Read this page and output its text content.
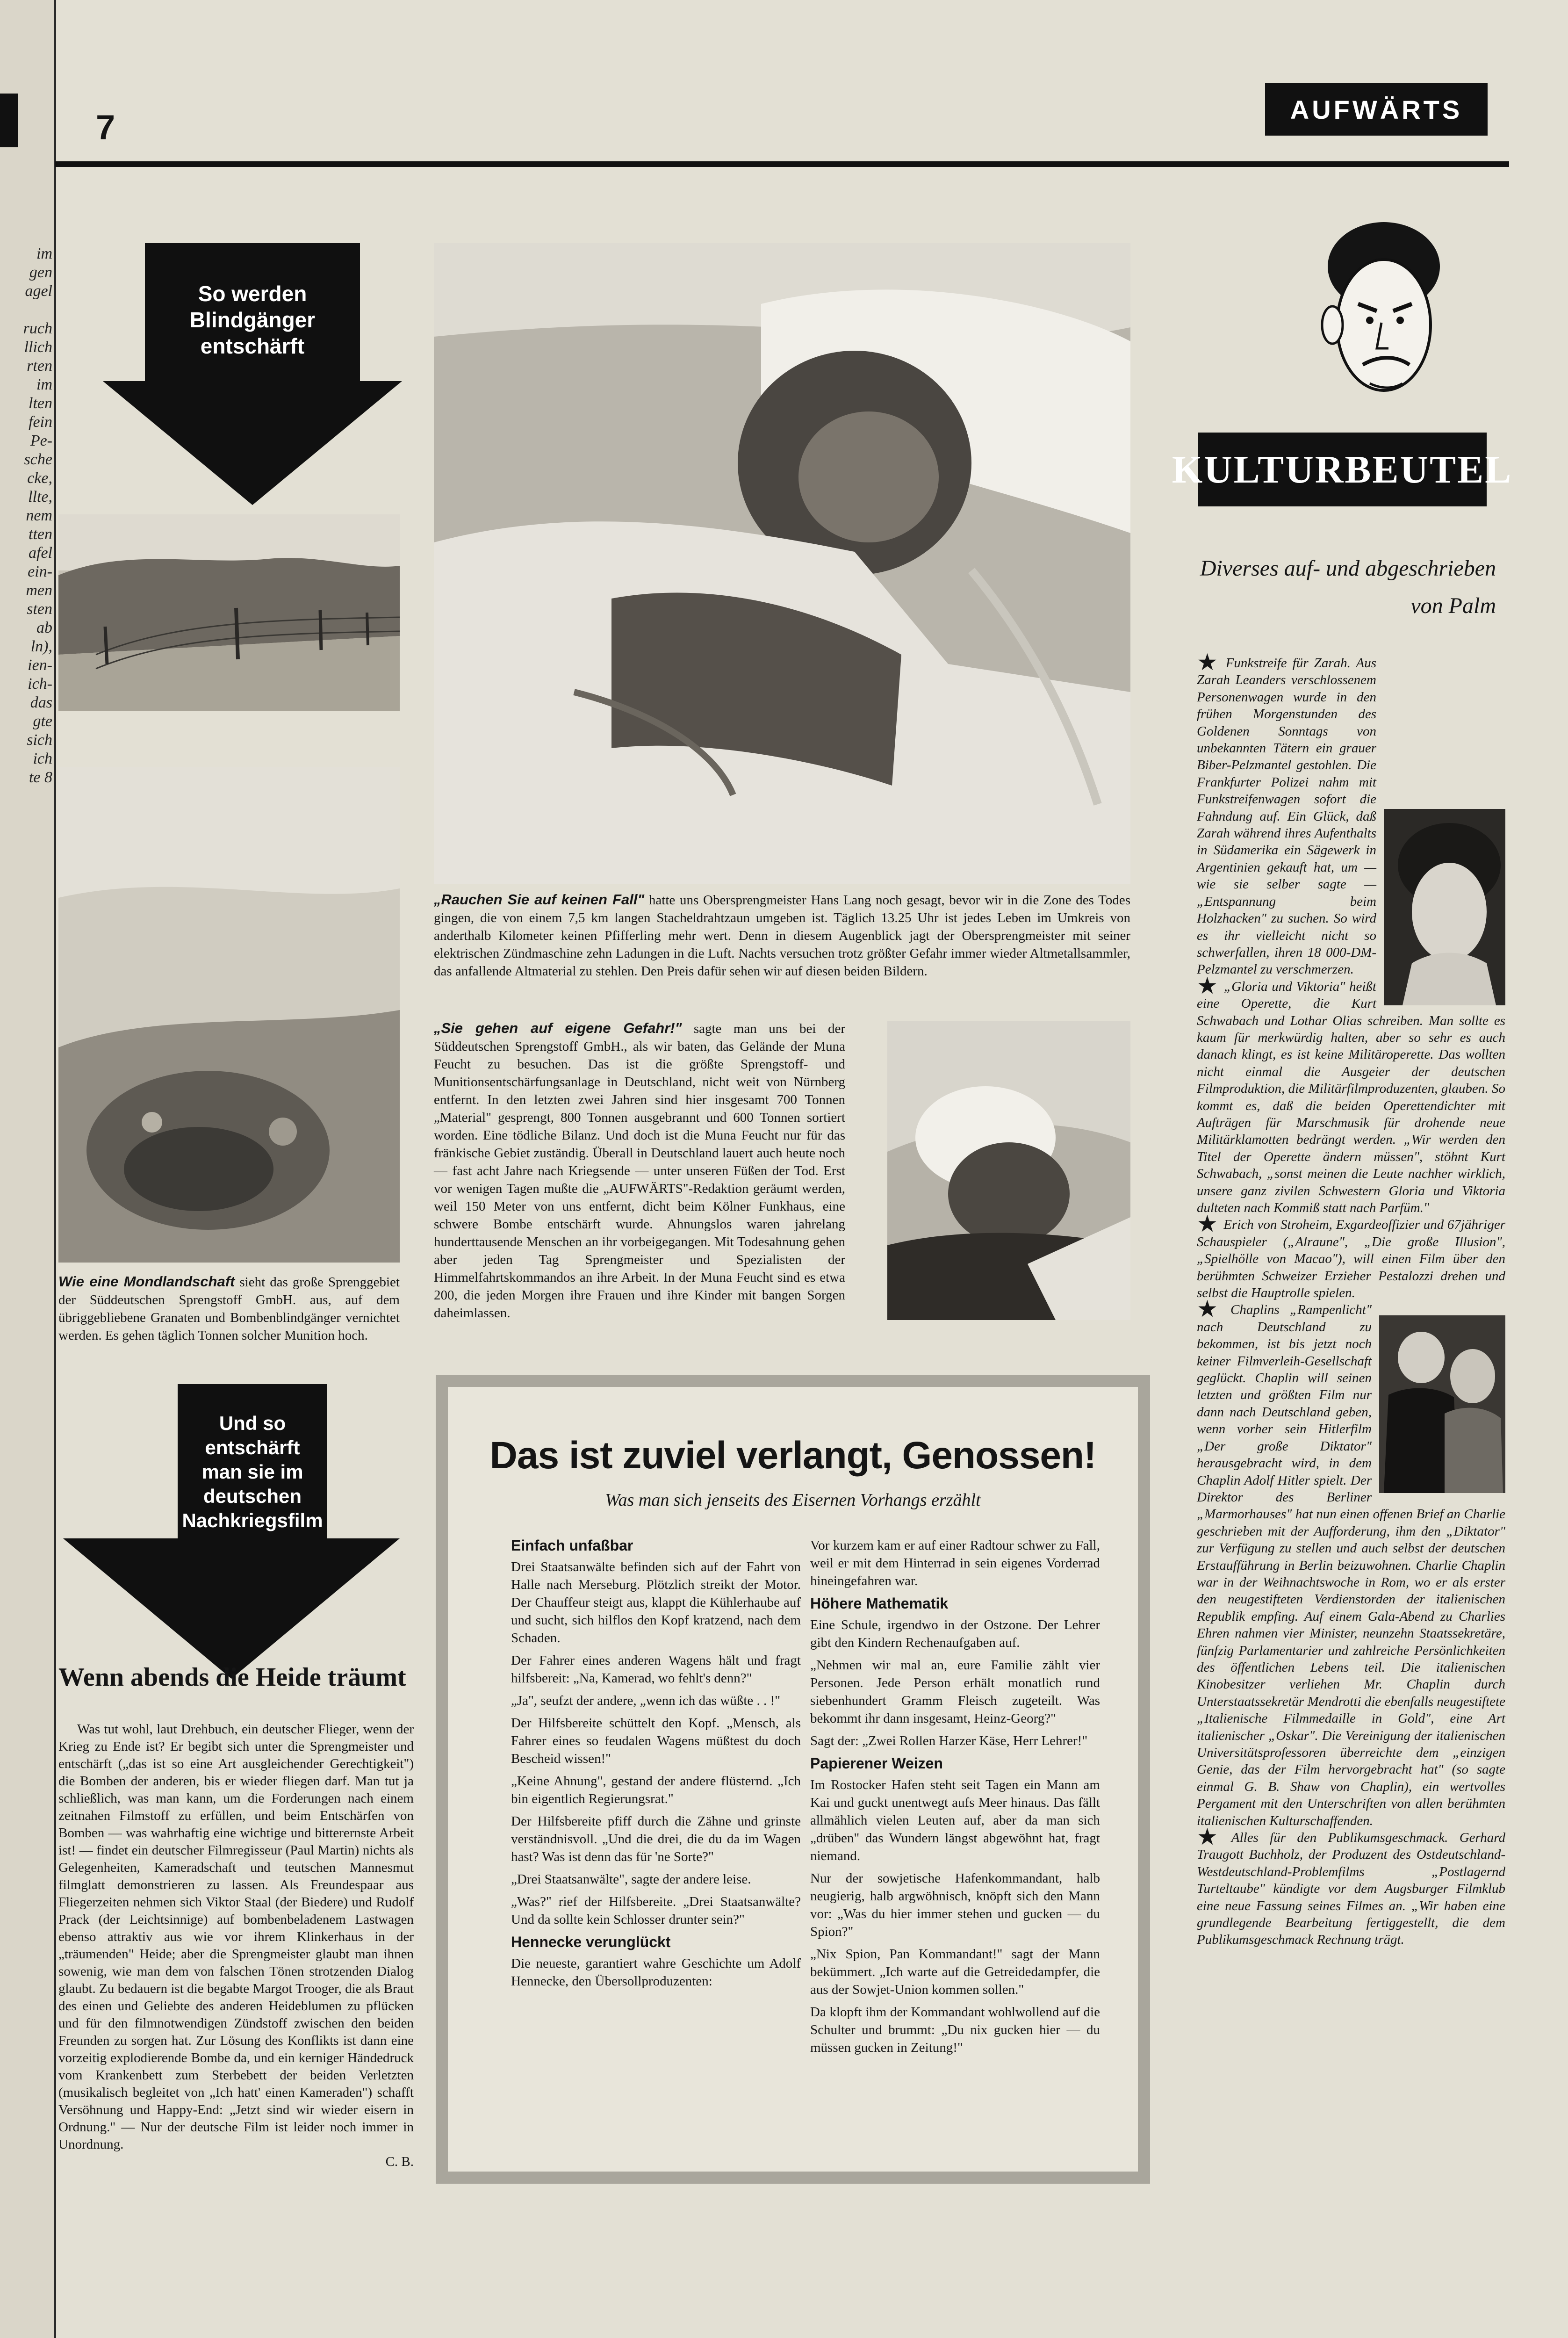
im
gen
agel
ruch
llich
rten
im
lten
fein
Pe-
sche
cke,
llte,
nem
tten
afel
ein-
men
sten
ab
ln),
ien-
ich-
das
gte
sich
ich
te 8
7	AUFWÄRTS
So werden
Blindgänger
entschärft
Wie eine Mondlandschaft sieht das große Sprenggebiet der Süddeutschen Sprengstoff GmbH. aus, auf dem übriggebliebene Granaten und Bombenblindgänger vernichtet werden. Es gehen täglich Tonnen solcher Munition hoch.
Und so
entschärft
man sie im
deutschen
Nachkriegsfilm
Wenn abends die Heide träumt

Was tut wohl, laut Drehbuch, ein deutscher Flieger, wenn der Krieg zu Ende ist? Er begibt sich unter die Sprengmeister und entschärft („das ist so eine Art ausgleichender Gerechtigkeit") die Bomben der anderen, bis er wieder fliegen darf. Man tut ja schließlich, was man kann, um die Forderungen nach einem zeitnahen Filmstoff zu erfüllen, und beim Entschärfen von Bomben — was wahrhaftig eine wichtige und bitterernste Arbeit ist! — findet ein deutscher Filmregisseur (Paul Martin) nichts als Gelegenheiten, Kameradschaft und teutschen Mannesmut filmglatt demonstrieren zu lassen. Als Freundespaar aus Fliegerzeiten nehmen sich Viktor Staal (der Biedere) und Rudolf Prack (der Leichtsinnige) auf bombenbeladenem Lastwagen ebenso attraktiv aus wie vor ihrem Klinkerhaus in der „träumenden" Heide; aber die Sprengmeister glaubt man ihnen sowenig, wie man dem von falschen Tönen strotzenden Dialog glaubt. Zu bedauern ist die begabte Margot Trooger, die als Braut des einen und Geliebte des anderen Heideblumen zu pflücken und für den filmnotwendigen Zündstoff zwischen den beiden Freunden zu sorgen hat. Zur Lösung des Konflikts ist dann eine vorzeitig explodierende Bombe da, und ein kerniger Händedruck vom Krankenbett zum Sterbebett der beiden Verletzten (musikalisch begleitet von „Ich hatt' einen Kameraden") schafft Versöhnung und Happy-End: „Jetzt sind wir wieder eisern in Ordnung." — Nur der deutsche Film ist leider noch immer in Unordnung.

C. B.
„Rauchen Sie auf keinen Fall" hatte uns Obersprengmeister Hans Lang noch gesagt, bevor wir in die Zone des Todes gingen, die von einem 7,5 km langen Stacheldrahtzaun umgeben ist. Täglich 13.25 Uhr ist jedes Leben im Umkreis von anderthalb Kilometer keinen Pfifferling mehr wert. Denn in diesem Augenblick jagt der Obersprengmeister mit seiner elektrischen Zündmaschine zehn Ladungen in die Luft. Nachts versuchen trotz größter Gefahr immer wieder Altmetallsammler, das anfallende Altmaterial zu stehlen. Den Preis dafür sehen wir auf diesen beiden Bildern.
„Sie gehen auf eigene Gefahr!" sagte man uns bei der Süddeutschen Sprengstoff GmbH., als wir baten, das Gelände der Muna Feucht zu besuchen. Das ist die größte Sprengstoff- und Munitionsentschärfungsanlage in Deutschland, nicht weit von Nürnberg entfernt. In den letzten zwei Jahren sind hier insgesamt 700 Tonnen „Material" gesprengt, 800 Tonnen ausgebrannt und 600 Tonnen sortiert worden. Eine tödliche Bilanz. Und doch ist die Muna Feucht nur für das fränkische Gebiet zuständig. Überall in Deutschland lauert auch heute noch — fast acht Jahre nach Kriegsende — unter unseren Füßen der Tod. Erst vor wenigen Tagen mußte die „AUFWÄRTS"-Redaktion geräumt werden, weil 150 Meter von uns entfernt, dicht beim Kölner Funkhaus, eine schwere Bombe entschärft wurde. Ahnungslos waren jahrelang hunderttausende Menschen an ihr vorbeigegangen. Mit Todesahnung gehen aber jeden Tag Sprengmeister und Spezialisten der Himmelfahrtskommandos an ihre Arbeit. In der Muna Feucht sind es etwa 200, die jeden Morgen ihre Frauen und ihre Kinder mit bangen Sorgen daheimlassen.
Das ist zuviel verlangt, Genossen!
Was man sich jenseits des Eisernen Vorhangs erzählt
Einfach unfaßbar

Drei Staatsanwälte befinden sich auf der Fahrt von Halle nach Merseburg. Plötzlich streikt der Motor. Der Chauffeur steigt aus, klappt die Kühlerhaube auf und sucht, sich hilflos den Kopf kratzend, nach dem Schaden.

Der Fahrer eines anderen Wagens hält und fragt hilfsbereit: „Na, Kamerad, wo fehlt's denn?"

„Ja", seufzt der andere, „wenn ich das wüßte . . !"

Der Hilfsbereite schüttelt den Kopf. „Mensch, als Fahrer eines so feudalen Wagens müßtest du doch Bescheid wissen!"

„Keine Ahnung", gestand der andere flüsternd. „Ich bin eigentlich Regierungsrat."

Der Hilfsbereite pfiff durch die Zähne und grinste verständnisvoll. „Und die drei, die du da im Wagen hast? Was ist denn das für 'ne Sorte?"

„Drei Staatsanwälte", sagte der andere leise.

„Was?" rief der Hilfsbereite. „Drei Staatsanwälte? Und da sollte kein Schlosser drunter sein?"

Hennecke verunglückt

Die neueste, garantiert wahre Geschichte um Adolf Hennecke, den Übersollproduzenten:

Vor kurzem kam er auf einer Radtour schwer zu Fall, weil er mit dem Hinterrad in sein eigenes Vorderrad hineingefahren war.

Höhere Mathematik

Eine Schule, irgendwo in der Ostzone. Der Lehrer gibt den Kindern Rechenaufgaben auf.

„Nehmen wir mal an, eure Familie zählt vier Personen. Jede Person erhält monatlich rund siebenhundert Gramm Fleisch zugeteilt. Was bekommt ihr dann insgesamt, Heinz-Georg?"

Sagt der: „Zwei Rollen Harzer Käse, Herr Lehrer!"

Papierener Weizen

Im Rostocker Hafen steht seit Tagen ein Mann am Kai und guckt unentwegt aufs Meer hinaus. Das fällt allmählich vielen Leuten auf, aber da man sich „drüben" das Wundern längst abgewöhnt hat, fragt niemand.

Nur der sowjetische Hafenkommandant, halb neugierig, halb argwöhnisch, knöpft sich den Mann vor: „Was du hier immer stehen und gucken — du Spion?"

„Nix Spion, Pan Kommandant!" sagt der Mann bekümmert. „Ich warte auf die Getreidedampfer, die aus der Sowjet-Union kommen sollen."

Da klopft ihm der Kommandant wohlwollend auf die Schulter und brummt: „Du nix gucken hier — du müssen gucken in Zeitung!"

KULTURBEUTEL
Diverses auf- und abgeschrieben
von Palm

★ Funkstreife für Zarah. Aus Zarah Leanders verschlossenem Personenwagen wurde in den frühen Morgenstunden des Goldenen Sonntags von unbekannten Tätern ein grauer Biber-Pelzmantel gestohlen. Die Frankfurter Polizei nahm mit Funkstreifenwagen sofort die Fahndung auf. Ein Glück, daß Zarah während ihres Aufenthalts in Südamerika ein Sägewerk in Argentinien gekauft hat, um — wie sie selber sagte — „Entspannung beim Holzhacken" zu suchen. So wird es ihr vielleicht nicht so schwerfallen, ihren 18 000-DM-Pelzmantel zu verschmerzen.

★ „Gloria und Viktoria" heißt eine Operette, die Kurt Schwabach und Lothar Olias schreiben. Man sollte es kaum für merkwürdig halten, aber so sehr es auch danach klingt, es ist keine Militäroperette. Das wollten nicht einmal die Ausgeier der deutschen Filmproduktion, die Militärfilmproduzenten, glauben. So kommt es, daß die beiden Operettendichter mit Aufträgen für Marschmusik für drohende neue Militärklamotten bedrängt werden. „Wir werden den Titel der Operette ändern müssen", stöhnt Kurt Schwabach, „sonst meinen die Leute nachher wirklich, unsere ganz zivilen Schwestern Gloria und Viktoria dulteten nach Kommiß statt nach Parfüm."

★ Erich von Stroheim, Exgardeoffizier und 67jähriger Schauspieler („Alraune", „Die große Illusion", „Spielhölle von Macao"), will einen Film über den berühmten Schweizer Erzieher Pestalozzi drehen und selbst die Hauptrolle spielen.

★ Chaplins „Rampenlicht" nach Deutschland zu bekommen, ist bis jetzt noch keiner Filmverleih-Gesellschaft geglückt. Chaplin will seinen letzten und größten Film nur dann nach Deutschland geben, wenn vorher sein Hitlerfilm „Der große Diktator" herausgebracht wird, in dem Chaplin Adolf Hitler spielt. Der Direktor des Berliner „Marmorhauses" hat nun einen offenen Brief an Charlie geschrieben mit der Aufforderung, ihm den „Diktator" zur Verfügung zu stellen und auch selbst der deutschen Erstaufführung in Berlin beizuwohnen. Charlie Chaplin war in der Weihnachtswoche in Rom, wo er als erster den neugestifteten Verdienstorden der italienischen Republik empfing. Auf einem Gala-Abend zu Charlies Ehren nahmen vier Minister, neunzehn Staatssekretäre, fünfzig Parlamentarier und zahlreiche Persönlichkeiten des öffentlichen Lebens teil. Die italienischen Kinobesitzer verliehen Mr. Chaplin durch Unterstaatssekretär Mendrotti die ebenfalls neugestiftete „Italienische Filmmedaille in Gold", eine Art italienischer „Oskar". Die Vereinigung der italienischen Universitätsprofessoren überreichte dem „einzigen Genie, das der Film hervorgebracht hat" (so sagte einmal G. B. Shaw von Chaplin), ein wertvolles Pergament mit den Unterschriften von allen berühmten italienischen Kulturschaffenden.

★ Alles für den Publikumsgeschmack. Gerhard Traugott Buchholz, der Produzent des Ostdeutschland-Westdeutschland-Problemfilms „Postlagernd Turteltaube" kündigte vor dem Augsburger Filmklub eine neue Fassung seines Filmes an. „Wir haben eine grundlegende Bearbeitung fertiggestellt, die dem Publikumsgeschmack Rechnung trägt.
